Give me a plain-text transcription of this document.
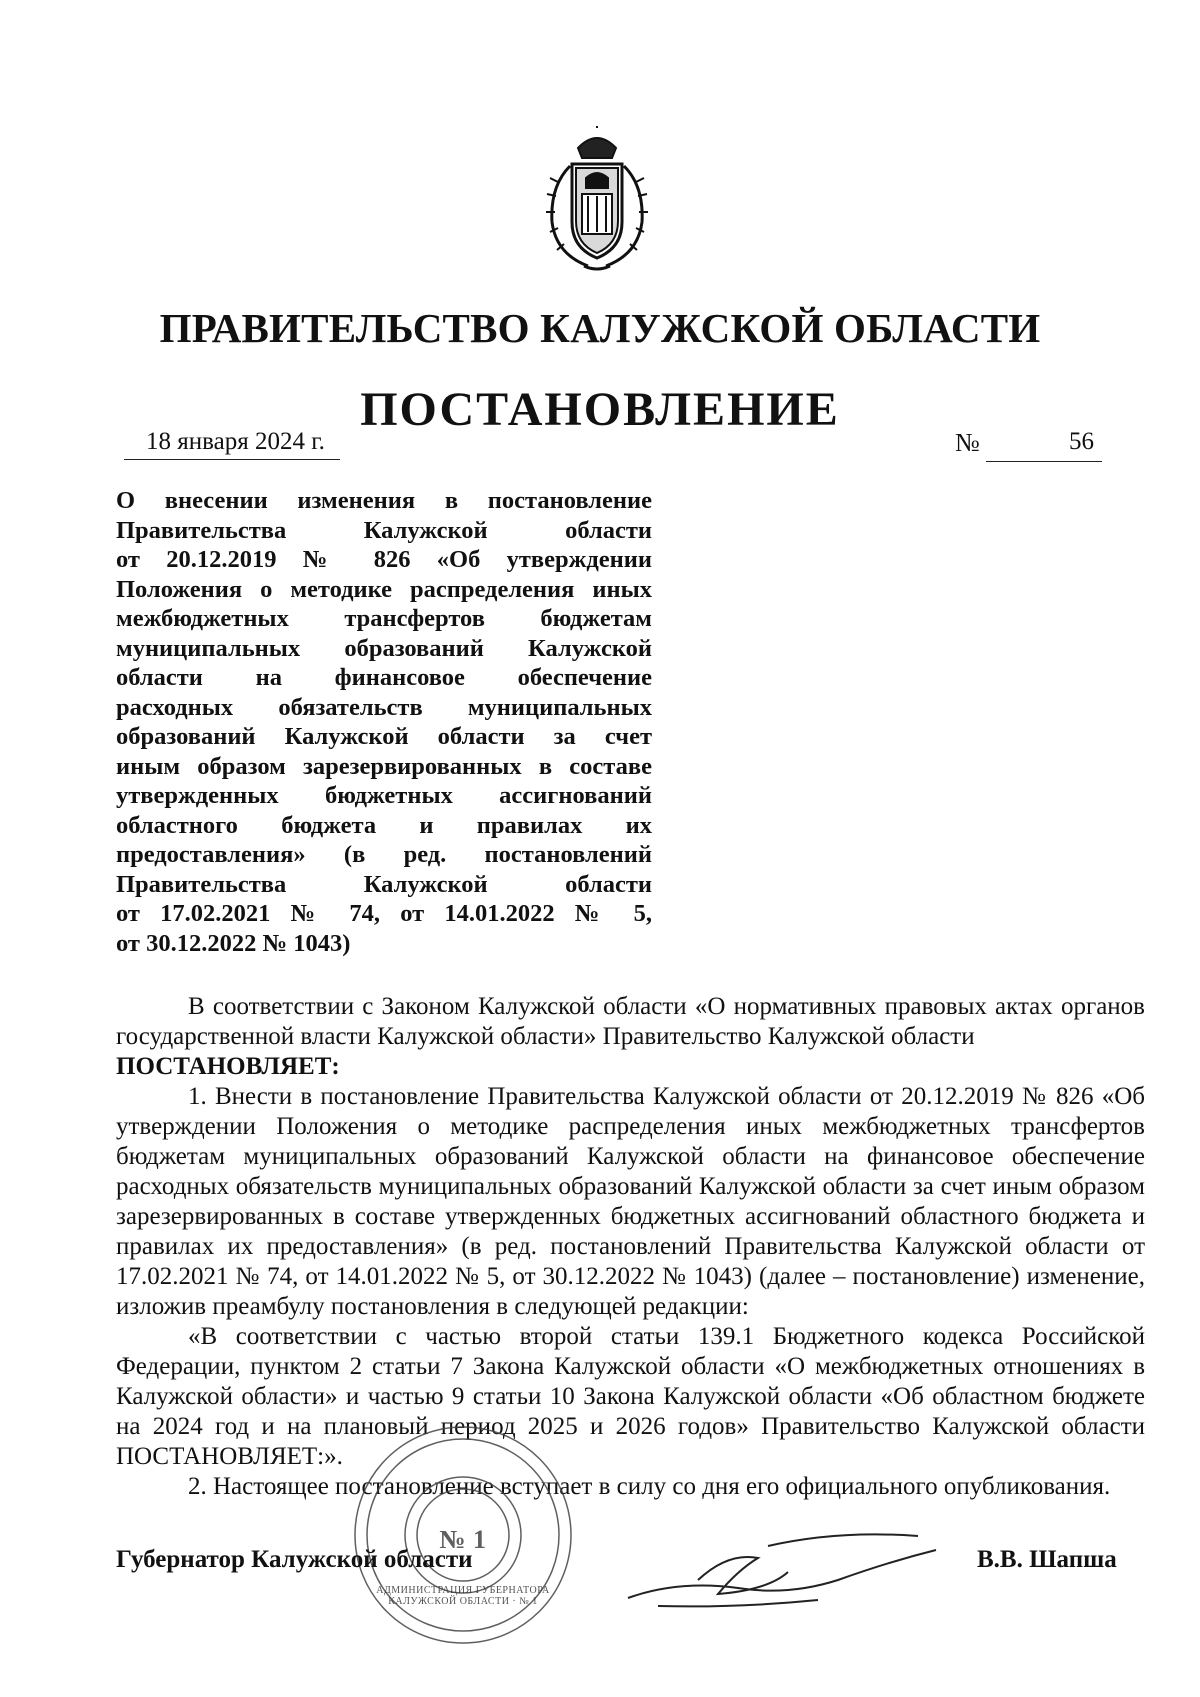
ПРАВИТЕЛЬСТВО КАЛУЖСКОЙ ОБЛАСТИ
ПОСТАНОВЛЕНИЕ
18 января 2024 г.	№	56
О внесении изменения в постановление
Правительства Калужской области
от 20.12.2019 № 826 «Об утверждении
Положения о методике распределения иных
межбюджетных трансфертов бюджетам
муниципальных образований Калужской
области на финансовое обеспечение
расходных обязательств муниципальных
образований Калужской области за счет
иным образом зарезервированных в составе
утвержденных бюджетных ассигнований
областного бюджета и правилах их
предоставления» (в ред. постановлений
Правительства Калужской области
от 17.02.2021 № 74, от 14.01.2022 № 5,
от 30.12.2022 № 1043)

В соответствии с Законом Калужской области «О нормативных правовых актах органов государственной власти Калужской области» Правительство Калужской области

ПОСТАНОВЛЯЕТ:

1. Внести в постановление Правительства Калужской области от 20.12.2019 № 826 «Об утверждении Положения о методике распределения иных межбюджетных трансфертов бюджетам муниципальных образований Калужской области на финансовое обеспечение расходных обязательств муниципальных образований Калужской области за счет иным образом зарезервированных в составе утвержденных бюджетных ассигнований областного бюджета и правилах их предоставления» (в ред. постановлений Правительства Калужской области от 17.02.2021 № 74, от 14.01.2022 № 5, от 30.12.2022 № 1043) (далее – постановление) изменение, изложив преамбулу постановления в следующей редакции:

«В соответствии с частью второй статьи 139.1 Бюджетного кодекса Российской Федерации, пунктом 2 статьи 7 Закона Калужской области «О межбюджетных отношениях в Калужской области» и частью 9 статьи 10 Закона Калужской области «Об областном бюджете на 2024 год и на плановый период 2025 и 2026 годов» Правительство Калужской области ПОСТАНОВЛЯЕТ:».

2. Настоящее постановление вступает в силу со дня его официального опубликования.

№ 1
АДМИНИСТРАЦИЯ ГУБЕРНАТОРА КАЛУЖСКОЙ ОБЛАСТИ · № 1
Губернатор Калужской области	В.В. Шапша
